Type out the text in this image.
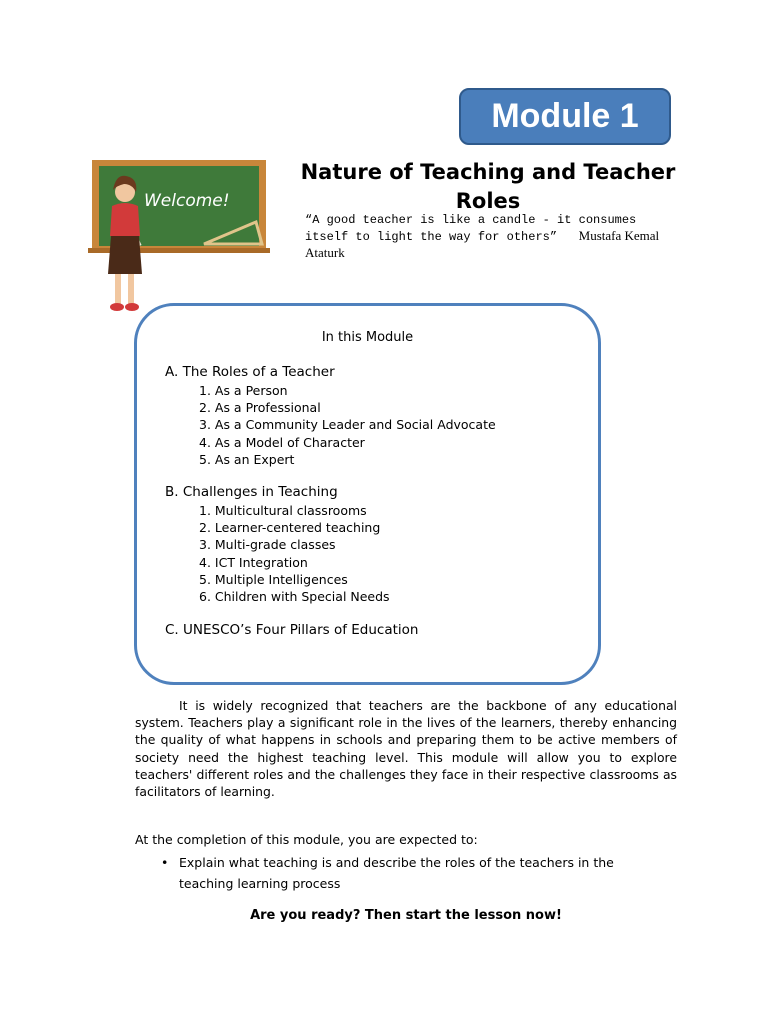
Module 1
Welcome!
Nature of Teaching and Teacher Roles

“A good teacher is like a candle - it consumes itself to light the way for others” Mustafa Kemal Ataturk

In this Module

A. The Roles of a Teacher

1. As a Person
2. As a Professional
3. As a Community Leader and Social Advocate
4. As a Model of Character
5. As an Expert

B. Challenges in Teaching

1. Multicultural classrooms
2. Learner-centered teaching
3. Multi-grade classes
4. ICT Integration
5. Multiple Intelligences
6. Children with Special Needs

C. UNESCO’s Four Pillars of Education

It is widely recognized that teachers are the backbone of any educational system. Teachers play a significant role in the lives of the learners, thereby enhancing the quality of what happens in schools and preparing them to be active members of society need the highest teaching level. This module will allow you to explore teachers' different roles and the challenges they face in their respective classrooms as facilitators of learning.

At the completion of this module, you are expected to:

• Explain what teaching is and describe the roles of the teachers in the teaching learning process

Are you ready? Then start the lesson now!
